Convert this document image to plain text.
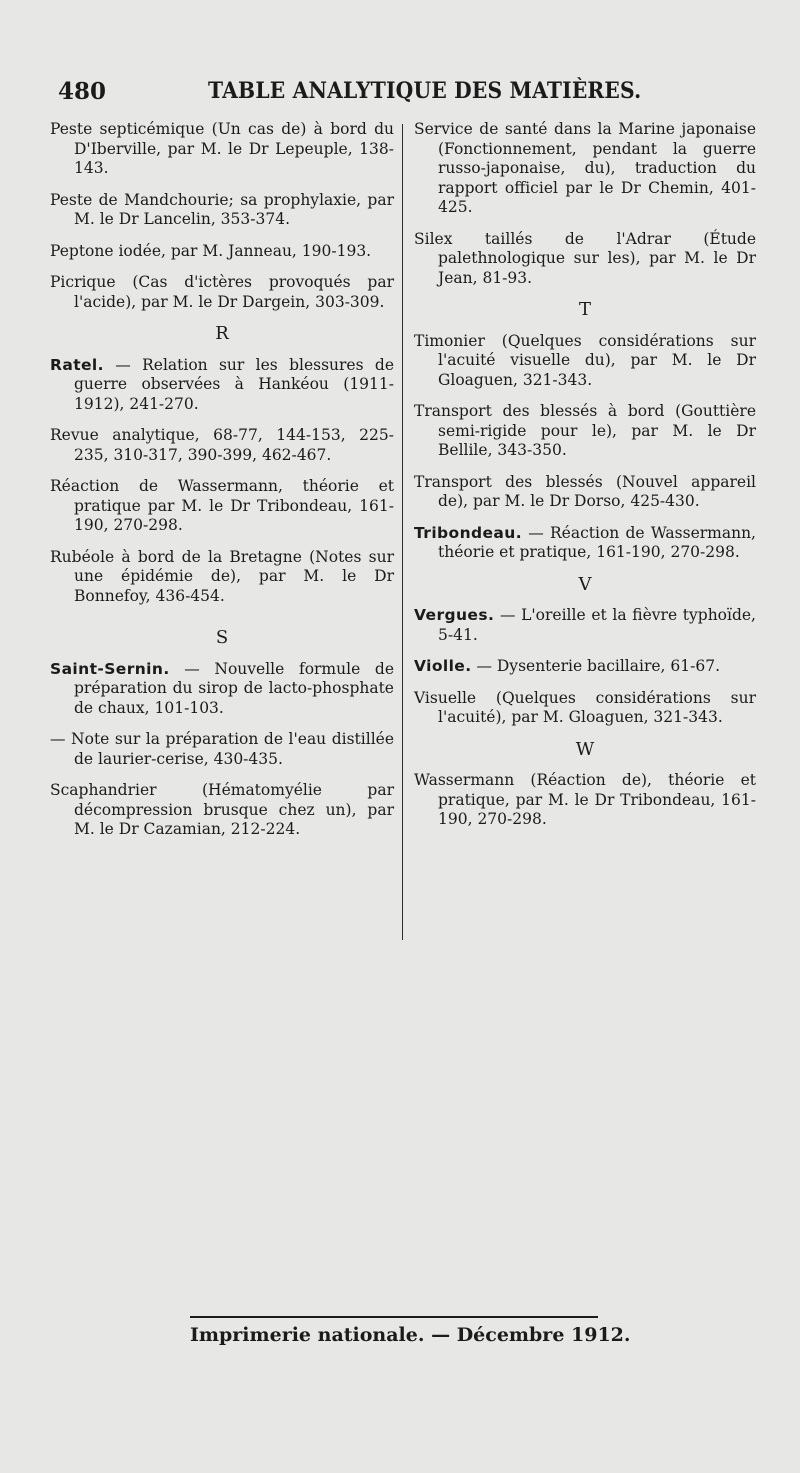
480	TABLE ANALYTIQUE DES MATIÈRES.

Peste septicémique (Un cas de) à bord du D'Iberville, par M. le Dr Lepeuple, 138-143.

Peste de Mandchourie; sa prophylaxie, par M. le Dr Lancelin, 353-374.

Peptone iodée, par M. Janneau, 190-193.

Picrique (Cas d'ictères provoqués par l'acide), par M. le Dr Dargein, 303-309.

R

Ratel. — Relation sur les blessures de guerre observées à Hankéou (1911-1912), 241-270.

Revue analytique, 68-77, 144-153, 225-235, 310-317, 390-399, 462-467.

Réaction de Wassermann, théorie et pratique par M. le Dr Tribondeau, 161-190, 270-298.

Rubéole à bord de la Bretagne (Notes sur une épidémie de), par M. le Dr Bonnefoy, 436-454.

S

Saint-Sernin. — Nouvelle formule de préparation du sirop de lacto-phosphate de chaux, 101-103.

— Note sur la préparation de l'eau distillée de laurier-cerise, 430-435.

Scaphandrier (Hématomyélie par décompression brusque chez un), par M. le Dr Cazamian, 212-224.

Service de santé dans la Marine japonaise (Fonctionnement, pendant la guerre russo-japonaise, du), traduction du rapport officiel par le Dr Chemin, 401-425.

Silex taillés de l'Adrar (Étude palethnologique sur les), par M. le Dr Jean, 81-93.

T

Timonier (Quelques considérations sur l'acuité visuelle du), par M. le Dr Gloaguen, 321-343.

Transport des blessés à bord (Gouttière semi-rigide pour le), par M. le Dr Bellile, 343-350.

Transport des blessés (Nouvel appareil de), par M. le Dr Dorso, 425-430.

Tribondeau. — Réaction de Wassermann, théorie et pratique, 161-190, 270-298.

V

Vergues. — L'oreille et la fièvre typhoïde, 5-41.

Violle. — Dysenterie bacillaire, 61-67.

Visuelle (Quelques considérations sur l'acuité), par M. Gloaguen, 321-343.

W

Wassermann (Réaction de), théorie et pratique, par M. le Dr Tribondeau, 161-190, 270-298.

Imprimerie nationale. — Décembre 1912.
